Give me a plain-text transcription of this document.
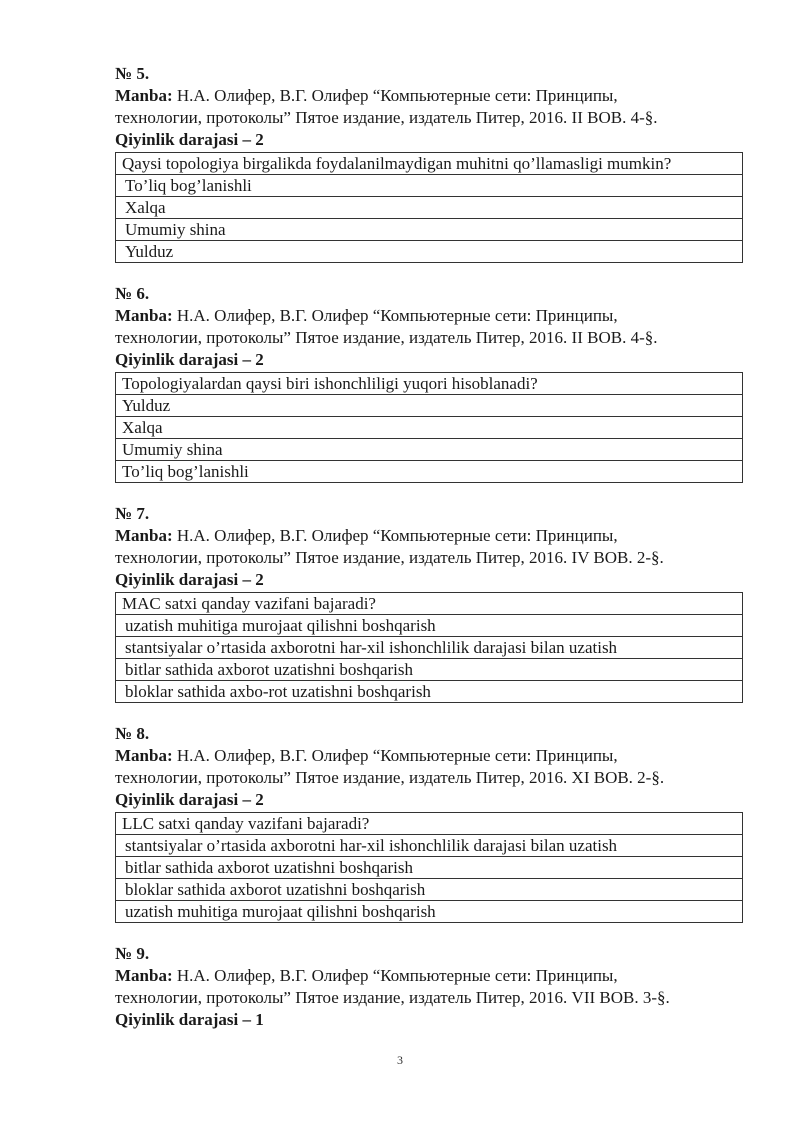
№ 5.
Manba: Н.А. Олифер, В.Г. Олифер “Компьютерные сети: Принципы,
технологии, протоколы” Пятое издание, издатель Питер, 2016. II BOB. 4-§.
Qiyinlik darajasi – 2
Qaysi topologiya birgalikda foydalanilmaydigan muhitni qo’llamasligi mumkin?
To’liq bog’lanishli
Xalqa
Umumiy shina
Yulduz
№ 6.
Manba: Н.А. Олифер, В.Г. Олифер “Компьютерные сети: Принципы,
технологии, протоколы” Пятое издание, издатель Питер, 2016. II BOB. 4-§.
Qiyinlik darajasi – 2
Topologiyalardan qaysi biri ishonchliligi yuqori hisoblanadi?
Yulduz
Xalqa
Umumiy shina
To’liq bog’lanishli
№ 7.
Manba: Н.А. Олифер, В.Г. Олифер “Компьютерные сети: Принципы,
технологии, протоколы” Пятое издание, издатель Питер, 2016. IV BOB. 2-§.
Qiyinlik darajasi – 2
MAC satxi qanday vazifani bajaradi?
uzatish muhitiga murojaat qilishni boshqarish
stantsiyalar o’rtasida axborotni har-xil ishonchlilik darajasi bilan uzatish
bitlar sathida axborot uzatishni boshqarish
bloklar sathida axbo-rot uzatishni boshqarish
№ 8.
Manba: Н.А. Олифер, В.Г. Олифер “Компьютерные сети: Принципы,
технологии, протоколы” Пятое издание, издатель Питер, 2016. XI BOB. 2-§.
Qiyinlik darajasi – 2
LLC satxi qanday vazifani bajaradi?
stantsiyalar o’rtasida axborotni har-xil ishonchlilik darajasi bilan uzatish
bitlar sathida axborot uzatishni boshqarish
bloklar sathida axborot uzatishni boshqarish
uzatish muhitiga murojaat qilishni boshqarish
№ 9.
Manba: Н.А. Олифер, В.Г. Олифер “Компьютерные сети: Принципы,
технологии, протоколы” Пятое издание, издатель Питер, 2016. VII BOB. 3-§.
Qiyinlik darajasi – 1
3
